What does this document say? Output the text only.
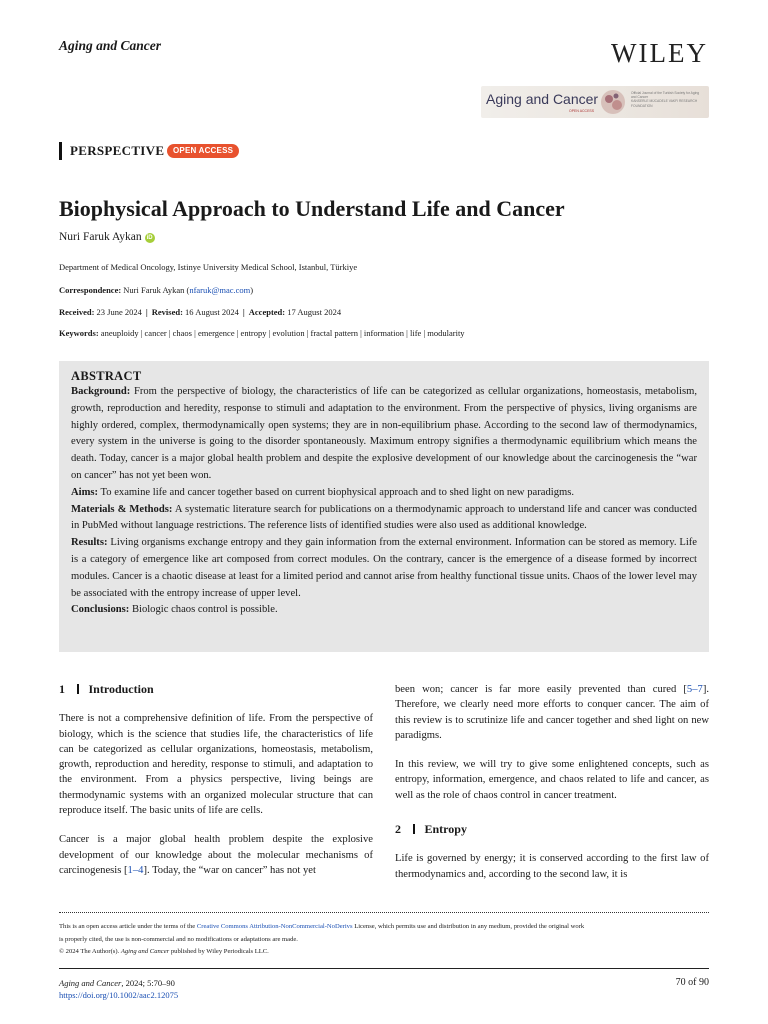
Aging and Cancer	WILEY
Aging and Cancer
OPEN ACCESS
Official Journal of the Turkish Society for Aging and Cancer
KANSERLE MÜCADELE VAKFI RESEARCH FOUNDATION
PERSPECTIVE	OPEN ACCESS
Biophysical Approach to Understand Life and Cancer
Nuri Faruk Aykan iD
Department of Medical Oncology, Istinye University Medical School, Istanbul, Türkiye
Correspondence: Nuri Faruk Aykan (nfaruk@mac.com)
Received: 23 June 2024 | Revised: 16 August 2024 | Accepted: 17 August 2024
Keywords: aneuploidy | cancer | chaos | emergence | entropy | evolution | fractal pattern | information | life | modularity
ABSTRACT

Background: From the perspective of biology, the characteristics of life can be categorized as cellular organizations, homeostasis, metabolism, growth, reproduction and heredity, response to stimuli and adaptation to the environment. From the perspective of physics, living organisms are highly ordered, complex, thermodynamically open systems; they are in non-equilibrium phase. According to the second law of thermodynamics, every system in the universe is going to the disorder spontaneously. Maximum entropy signifies a thermodynamic equilibrium which means the death. Today, cancer is a major global health problem and despite the explosive development of our knowledge about the carcinogenesis the “war on cancer” has not yet been won.

Aims: To examine life and cancer together based on current biophysical approach and to shed light on new paradigms.

Materials & Methods: A systematic literature search for publications on a thermodynamic approach to understand life and cancer was conducted in PubMed without language restrictions. The reference lists of identified studies were also used as additional knowledge.

Results: Living organisms exchange entropy and they gain information from the external environment. Information can be stored as memory. Life is a category of emergence like art composed from correct modules. On the contrary, cancer is the emergence of a disease formed by incorrect modules. Cancer is a chaotic disease at least for a limited period and cannot arise from healthy functional tissue units. Chaos of the lower level may be associated with the entropy increase of upper level.

Conclusions: Biologic chaos control is possible.

1 Introduction

There is not a comprehensive definition of life. From the perspective of biology, which is the science that studies life, the characteristics of life can be categorized as cellular organizations, homeostasis, metabolism, growth, reproduction and heredity, response to stimuli, and adaptation to the environment. From a physics perspective, living beings are thermodynamic systems with an organized molecular structure that can reproduce itself. The basic units of life are cells.

Cancer is a major global health problem despite the explosive development of our knowledge about the molecular mechanisms of carcinogenesis [1–4]. Today, the “war on cancer” has not yet

been won; cancer is far more easily prevented than cured [5–7]. Therefore, we clearly need more efforts to conquer cancer. The aim of this review is to scrutinize life and cancer together and shed light on new paradigms.

In this review, we will try to give some enlightened concepts, such as entropy, information, emergence, and chaos related to life and cancer, as well as the role of chaos control in cancer treatment.

2 Entropy

Life is governed by energy; it is conserved according to the first law of thermodynamics and, according to the second law, it is

This is an open access article under the terms of the Creative Commons Attribution-NonCommercial-NoDerivs License, which permits use and distribution in any medium, provided the original work
is properly cited, the use is non-commercial and no modifications or adaptations are made.
© 2024 The Author(s). Aging and Cancer published by Wiley Periodicals LLC.
Aging and Cancer, 2024; 5:70–90
https://doi.org/10.1002/aac2.12075
70 of 90
